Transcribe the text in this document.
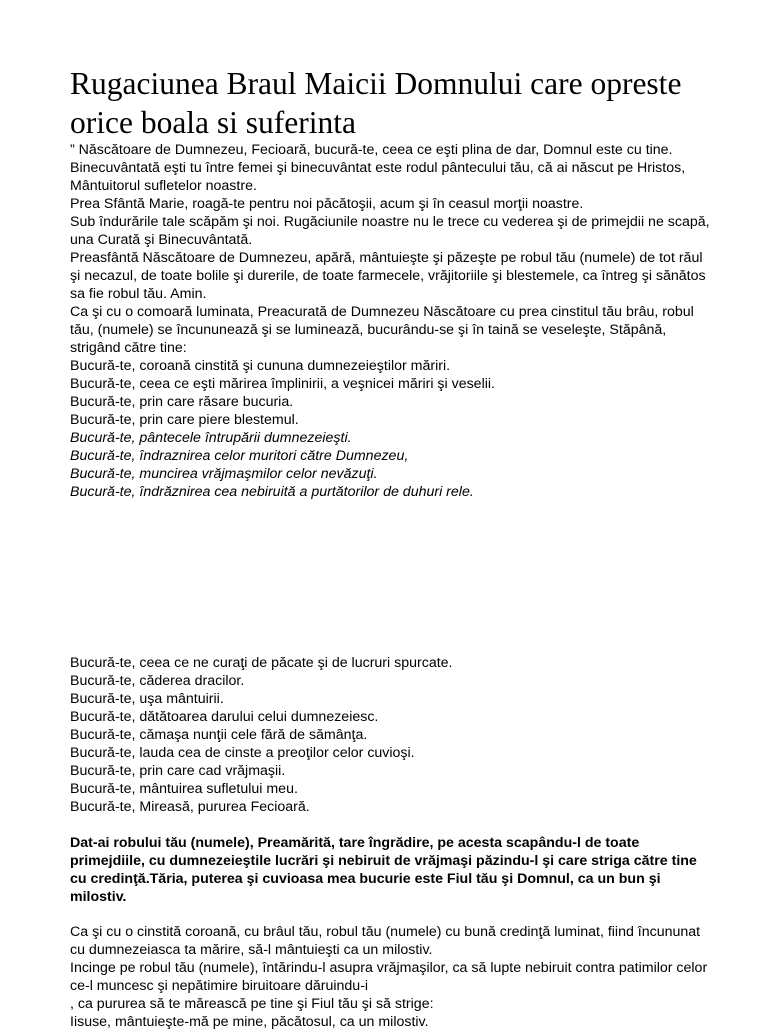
Rugaciunea Braul Maicii Domnului care opreste orice boala si suferinta

” Născătoare de Dumnezeu, Fecioară, bucură-te, ceea ce eşti plina de dar, Domnul este cu tine.

Binecuvântată eşti tu între femei şi binecuvântat este rodul pântecului tău, că ai născut pe Hristos, Mântuitorul sufletelor noastre.

Prea Sfântă Marie, roagă-te pentru noi păcătoşii, acum şi în ceasul morţii noastre.

Sub îndurările tale scăpăm şi noi. Rugăciunile noastre nu le trece cu vederea şi de primejdii ne scapă, una Curată şi Binecuvântată.

Preasfântă Născătoare de Dumnezeu, apără, mântuieşte şi păzeşte pe robul tău (numele) de tot răul şi necazul, de toate bolile şi durerile, de toate farmecele, vrăjitoriile şi blestemele, ca întreg şi sănătos sa fie robul tău. Amin.

Ca şi cu o comoară luminata, Preacurată de Dumnezeu Născătoare cu prea cinstitul tău brâu, robul tău, (numele) se încununează şi se luminează, bucurându-se şi în taină se veseleşte, Stăpână, strigând către tine:

Bucură-te, coroană cinstită şi cununa dumnezeieştilor măriri.

Bucură-te, ceea ce eşti mărirea împlinirii, a veşnicei măriri şi veselii.

Bucură-te, prin care răsare bucuria.

Bucură-te, prin care piere blestemul.

Bucură-te, pântecele întrupării dumnezeieşti.

Bucură-te, îndraznirea celor muritori către Dumnezeu,

Bucură-te, muncirea vrăjmaşmilor celor nevăzuţi.

Bucură-te, îndrăznirea cea nebiruită a purtătorilor de duhuri rele.

Bucură-te, ceea ce ne curaţi de păcate şi de lucruri spurcate.

Bucură-te, căderea dracilor.

Bucură-te, uşa mântuirii.

Bucură-te, dătătoarea darului celui dumnezeiesc.

Bucură-te, cămaşa nunţii cele fără de sămânţa.

Bucură-te, lauda cea de cinste a preoţilor celor cuvioşi.

Bucură-te, prin care cad vrăjmaşii.

Bucură-te, mântuirea sufletului meu.

Bucură-te, Mireasă, pururea Fecioară.

Dat-ai robului tău (numele), Preamărită, tare îngrădire, pe acesta scapându-l de toate primejdiile, cu dumnezeieştile lucrări şi nebiruit de vrăjmaşi păzindu-l şi care striga către tine cu credinţă.Tăria, puterea şi cuvioasa mea bucurie este Fiul tău şi Domnul, ca un bun şi milostiv.

Ca şi cu o cinstită coroană, cu brâul tău, robul tău (numele) cu bună credinţă luminat, fiind încununat cu dumnezeiasca ta mărire, să-l mântuieşti ca un milostiv.

Incinge pe robul tău (numele), întărindu-l asupra vrăjmaşilor, ca să lupte nebiruit contra patimilor celor ce-l muncesc şi nepătimire biruitoare dăruindu-i

, ca pururea să te mărească pe tine şi Fiul tău şi să strige:

Iisuse, mântuieşte-mă pe mine, păcătosul, ca un milostiv.
